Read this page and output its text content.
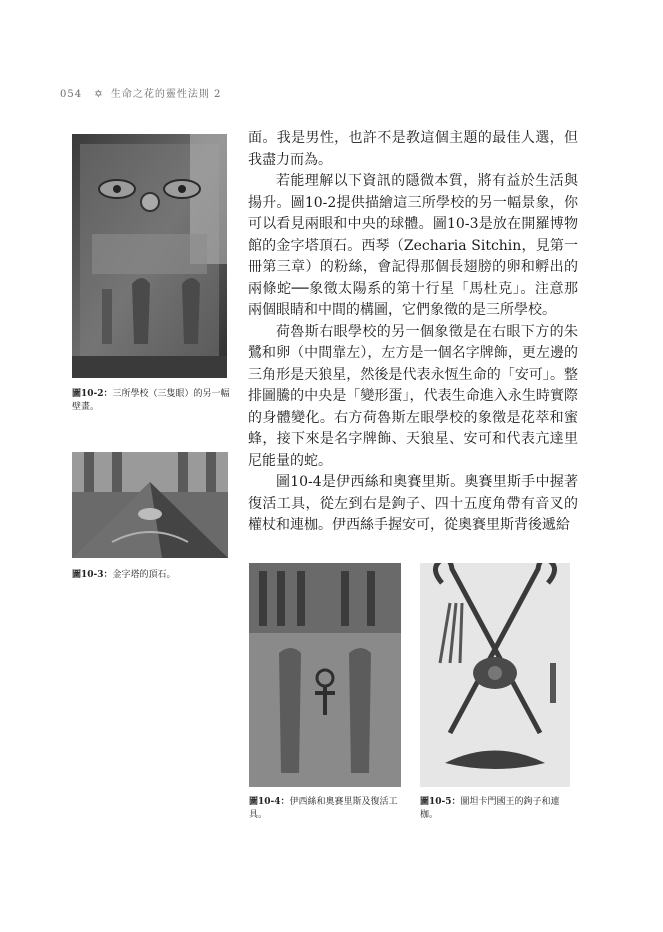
054 ✡ 生命之花的靈性法則 2
圖10-2：三所學校（三隻眼）的另一幅壁畫。
圖10-3：金字塔的頂石。

面。我是男性，也許不是教這個主題的最佳人選，但我盡力而為。

若能理解以下資訊的隱微本質，將有益於生活與揚升。圖10-2提供描繪這三所學校的另一幅景象，你可以看見兩眼和中央的球體。圖10-3是放在開羅博物館的金字塔頂石。西琴（Zecharia Sitchin，見第一冊第三章）的粉絲，會記得那個長翅膀的卵和孵出的兩條蛇──象徵太陽系的第十行星「馬杜克」。注意那兩個眼睛和中間的構圖，它們象徵的是三所學校。

荷魯斯右眼學校的另一個象徵是在右眼下方的朱鷺和卵（中間靠左），左方是一個名字牌飾，更左邊的三角形是天狼星，然後是代表永恆生命的「安可」。整排圖騰的中央是「變形蛋」，代表生命進入永生時實際的身體變化。右方荷魯斯左眼學校的象徵是花萃和蜜蜂，接下來是名字牌飾、天狼星、安可和代表亢達里尼能量的蛇。

圖10-4是伊西絲和奧賽里斯。奧賽里斯手中握著復活工具，從左到右是鉤子、四十五度角帶有音叉的權杖和連枷。伊西絲手握安可，從奧賽里斯背後遞給

圖10-4：伊西絲和奧賽里斯及復活工具。
圖10-5：圖坦卡門國王的鉤子和連枷。
